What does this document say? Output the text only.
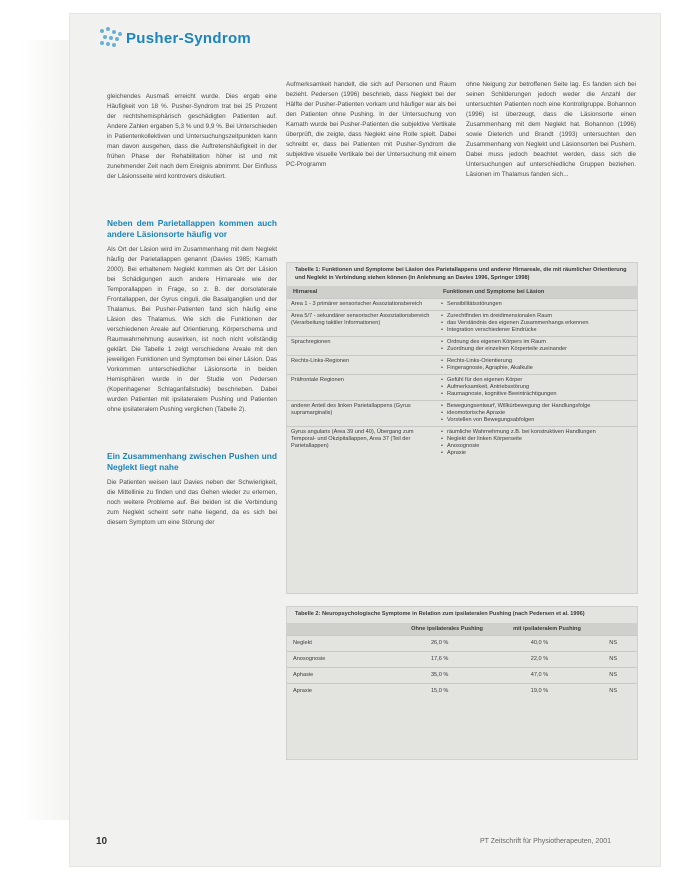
Pusher-Syndrom

gleichendes Ausmaß erreicht wurde. Dies ergab eine Häufigkeit von 18 %. Pusher-Syndrom trat bei 25 Prozent der rechtshemisphärisch geschädigten Patienten auf. Andere Zahlen ergaben 5,3 % und 9,9 %. Bei Unterschieden in Patientenkollektiven und Untersuchungszeitpunkten kann man davon ausgehen, dass die Auftretenshäufigkeit in der frühen Phase der Rehabilitation höher ist und mit zunehmender Zeit nach dem Ereignis abnimmt. Der Einfluss der Läsionsseite wird kontrovers diskutiert.

Neben dem Parietallappen kommen auch andere Läsionsorte häufig vor

Als Ort der Läsion wird im Zusammenhang mit dem Neglekt häufig der Parietallappen genannt (Davies 1985; Karnath 2000). Bei erhaltenem Neglekt kommen als Ort der Läsion bei Schädigungen auch andere Hirnareale wie der Temporallappen in Frage, so z. B. der dorsolaterale Frontallappen, der Gyrus cinguli, die Basalganglien und der Thalamus. Bei Pusher-Patienten fand sich häufig eine Läsion des Thalamus. Wie sich die Funktionen der verschiedenen Areale auf Orientierung, Körperschema und Raumwahrnehmung auswirken, ist noch nicht vollständig geklärt. Die Tabelle 1 zeigt verschiedene Areale mit den jeweiligen Funktionen und Symptomen bei einer Läsion. Das Vorkommen unterschiedlicher Läsionsorte in beiden Hemisphären wurde in der Studie von Pedersen (Kopenhagener Schlaganfallstudie) beschrieben. Dabei wurden Patienten mit ipsilateralem Pushing und Patienten ohne ipsilateralem Pushing verglichen (Tabelle 2).

Ein Zusammenhang zwischen Pushen und Neglekt liegt nahe

Die Patienten weisen laut Davies neben der Schwierigkeit, die Mittellinie zu finden und das Gehen wieder zu erlernen, noch weitere Probleme auf. Bei beiden ist die Verbindung zum Neglekt scheint sehr nahe liegend, da es sich bei diesem Symptom um eine Störung der

Aufmerksamkeit handelt, die sich auf Personen und Raum bezieht. Pedersen (1996) beschrieb, dass Neglekt bei der Hälfte der Pusher-Patienten vorkam und häufiger war als bei den Patienten ohne Pushing. In der Untersuchung von Karnath wurde bei Pusher-Patienten die subjektive Vertikale überprüft, die zeigte, dass Neglekt eine Rolle spielt. Dabei schreibt er, dass bei Patienten mit Pusher-Syndrom die subjektive visuelle Vertikale bei der Untersuchung mit einem PC-Programm

ohne Neigung zur betroffenen Seite lag. Es fanden sich bei seinen Schilderungen jedoch weder die Anzahl der untersuchten Patienten noch eine Kontrollgruppe. Bohannon (1996) ist überzeugt, dass die Läsionsorte einen Zusammenhang mit dem Neglekt hat. Bohannon (1996) sowie Dieterich und Brandt (1993) untersuchten den Zusammenhang von Neglekt und Läsionsorten bei Pushern. Dabei muss jedoch beachtet werden, dass sich die Untersuchungen auf unterschiedliche Gruppen beziehen. Läsionen im Thalamus fanden sich...

Tabelle 1: Funktionen und Symptome bei Läsion des Parietallappens und anderer Hirnareale, die mit räumlicher Orientierung und Neglekt in Verbindung stehen können (in Anlehnung an Davies 1996, Springer 1998)
Hirnareal	Funktionen und Symptome bei Läsion
Area 1 - 3 primärer sensorischer Assoziationsbereich	• Sensibilitätsstörungen

Area 5/7 - sekundärer sensorischer Assoziationsbereich (Verarbeitung taktiler Informationen)	• Zurechtfinden im dreidimensionalen Raum
• das Verständnis des eigenen Zusammenhangs erkennen
• Integration verschiedener Eindrücke

Sprachregionen	• Ordnung des eigenen Körpers im Raum
• Zuordnung der einzelnen Körperteile zueinander

Rechts-Links-Regionen	• Rechts-Links-Orientierung
• Fingeragnosie, Agraphie, Akalkulie

Präfrontale Regionen	• Gefühl für den eigenen Körper
• Aufmerksamkeit, Antriebsstörung
• Raumagnosie, kognitive Beeinträchtigungen

anderer Anteil des linken Parietallappens (Gyrus supramarginalis)	• Bewegungsentwurf, Willkürbewegung der Handlungsfolge
• ideomotorische Apraxie
• Vorstellen von Bewegungsabfolgen

Gyrus angularis (Area 39 und 40), Übergang zum Temporal- und Okzipitallappen, Area 37 (Teil der Parietallappen)	• räumliche Wahrnehmung z.B. bei konstruktiven Handlungen
• Neglekt der linken Körperseite
• Anosognosie
• Apraxie
Tabelle 2: Neuropsychologische Symptome in Relation zum ipsilateralen Pushing (nach Pedersen et al. 1996)
Ohne ipsilaterales Pushing	mit ipsilateralem Pushing
Neglekt	26,0 %	40,0 %	NS
Anosognosie	17,6 %	22,0 %	NS
Aphasie	35,0 %	47,0 %	NS
Apraxie	15,0 %	19,0 %	NS
10	PT Zeitschrift für Physiotherapeuten, 2001
